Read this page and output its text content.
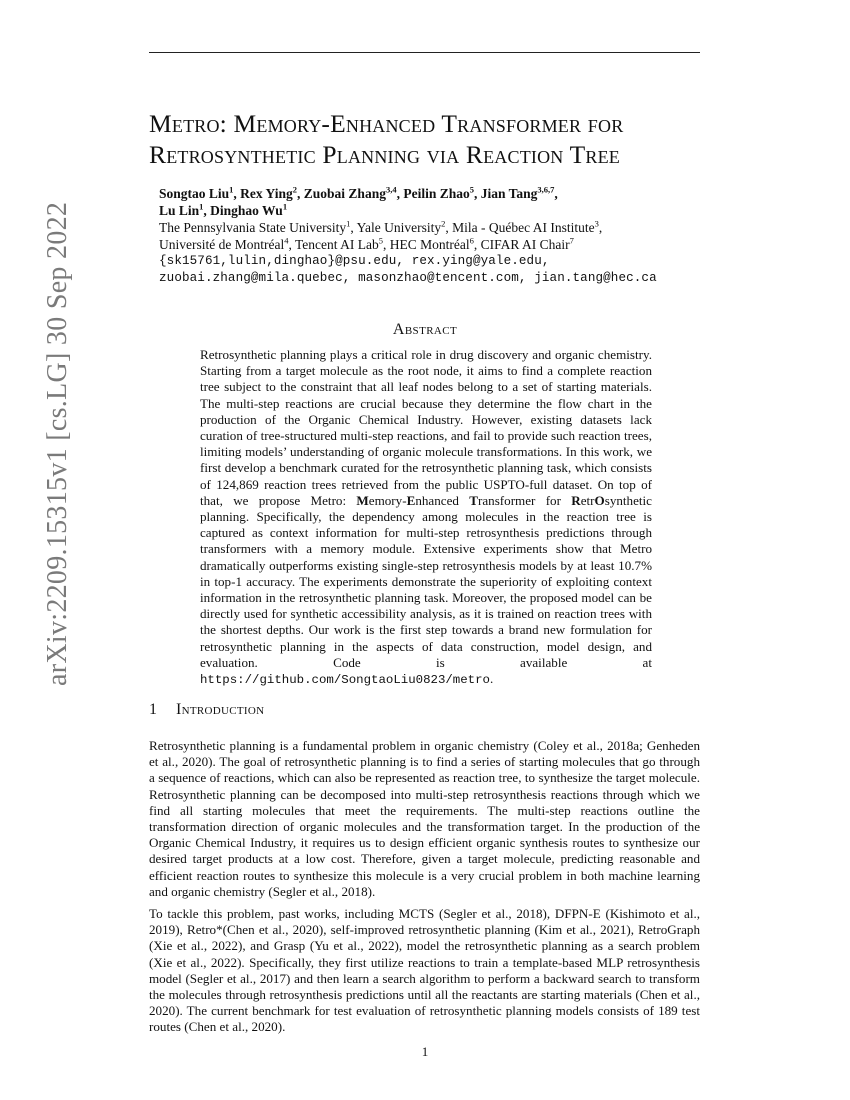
arXiv:2209.15315v1 [cs.LG] 30 Sep 2022
Metro: Memory-Enhanced Transformer for
Retrosynthetic Planning via Reaction Tree
Songtao Liu$^1$, Rex Ying$^2$, Zuobai Zhang$^{3,4}$, Peilin Zhao$^5$, Jian Tang$^{3,6,7}$,
Lu Lin$^1$, Dinghao Wu$^1$
The Pennsylvania State University$^1$, Yale University$^2$, Mila - Québec AI Institute$^3$,
Université de Montréal$^4$, Tencent AI Lab$^5$, HEC Montréal$^6$, CIFAR AI Chair$^7$
{sk15761,lulin,dinghao}@psu.edu, rex.ying@yale.edu,
zuobai.zhang@mila.quebec, masonzhao@tencent.com, jian.tang@hec.ca
Abstract
Retrosynthetic planning plays a critical role in drug discovery and organic chemistry. Starting from a target molecule as the root node, it aims to find a complete reaction tree subject to the constraint that all leaf nodes belong to a set of starting materials. The multi-step reactions are crucial because they determine the flow chart in the production of the Organic Chemical Industry. However, existing datasets lack curation of tree-structured multi-step reactions, and fail to provide such reaction trees, limiting models’ understanding of organic molecule transformations. In this work, we first develop a benchmark curated for the retrosynthetic planning task, which consists of 124,869 reaction trees retrieved from the public USPTO-full dataset. On top of that, we propose Metro: Memory-Enhanced Transformer for RetrOsynthetic planning. Specifically, the dependency among molecules in the reaction tree is captured as context information for multi-step retrosynthesis predictions through transformers with a memory module. Extensive experiments show that Metro dramatically outperforms existing single-step retrosynthesis models by at least 10.7% in top-1 accuracy. The experiments demonstrate the superiority of exploiting context information in the retrosynthetic planning task. Moreover, the proposed model can be directly used for synthetic accessibility analysis, as it is trained on reaction trees with the shortest depths. Our work is the first step towards a brand new formulation for retrosynthetic planning in the aspects of data construction, model design, and evaluation. Code is available at https://github.com/SongtaoLiu0823/metro.
1 Introduction
Retrosynthetic planning is a fundamental problem in organic chemistry (Coley et al., 2018a; Genheden et al., 2020). The goal of retrosynthetic planning is to find a series of starting molecules that go through a sequence of reactions, which can also be represented as reaction tree, to synthesize the target molecule. Retrosynthetic planning can be decomposed into multi-step retrosynthesis reactions through which we find all starting molecules that meet the requirements. The multi-step reactions outline the transformation direction of organic molecules and the transformation target. In the production of the Organic Chemical Industry, it requires us to design efficient organic synthesis routes to synthesize our desired target products at a low cost. Therefore, given a target molecule, predicting reasonable and efficient reaction routes to synthesize this molecule is a very crucial problem in both machine learning and organic chemistry (Segler et al., 2018).
To tackle this problem, past works, including MCTS (Segler et al., 2018), DFPN-E (Kishimoto et al., 2019), Retro*(Chen et al., 2020), self-improved retrosynthetic planning (Kim et al., 2021), RetroGraph (Xie et al., 2022), and Grasp (Yu et al., 2022), model the retrosynthetic planning as a search problem (Xie et al., 2022). Specifically, they first utilize reactions to train a template-based MLP retrosynthesis model (Segler et al., 2017) and then learn a search algorithm to perform a backward search to transform the molecules through retrosynthesis predictions until all the reactants are starting materials (Chen et al., 2020). The current benchmark for test evaluation of retrosynthetic planning models consists of 189 test routes (Chen et al., 2020).
1
